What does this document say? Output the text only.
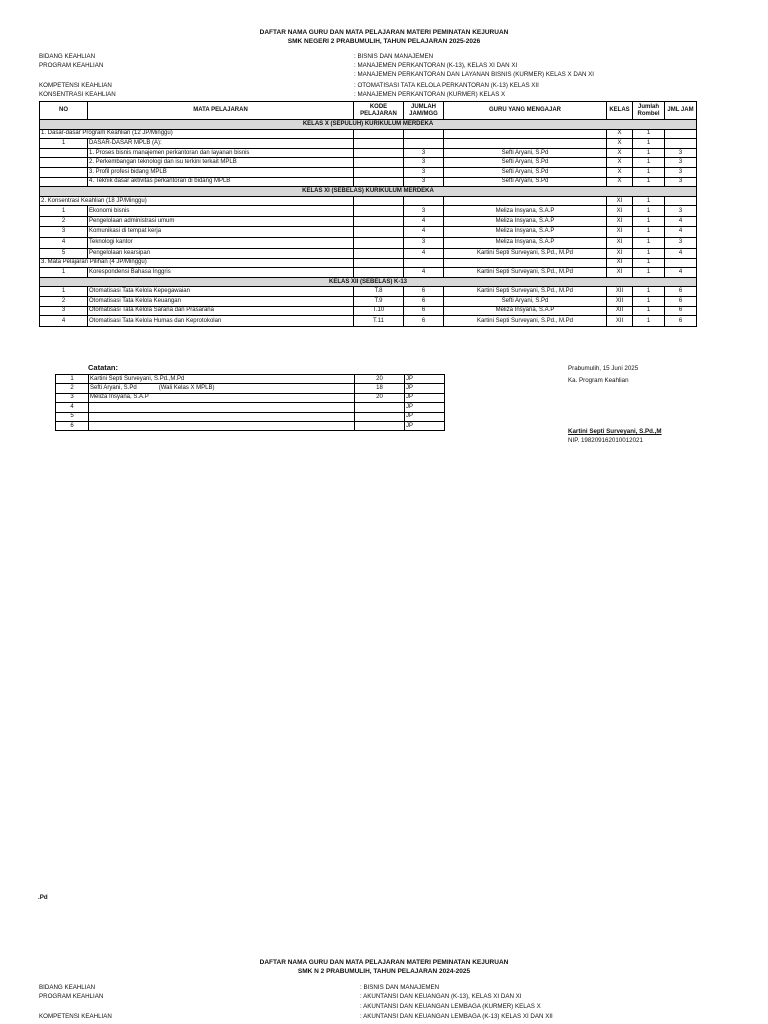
DAFTAR NAMA GURU DAN MATA PELAJARAN MATERI PEMINATAN KEJURUAN
SMK NEGERI 2 PRABUMULIH, TAHUN PELAJARAN 2025-2026
BIDANG KEAHLIAN	: BISNIS DAN MANAJEMEN
PROGRAM KEAHLIAN	: MANAJEMEN PERKANTORAN (K-13), KELAS XI DAN XI
: MANAJEMEN PERKANTORAN DAN LAYANAN BISNIS (KURMER) KELAS X DAN XI
KOMPETENSI KEAHLIAN	: OTOMATISASI TATA KELOLA PERKANTORAN (K-13) KELAS XII
KONSENTRASI KEAHLIAN	: MANAJEMEN PERKANTORAN (KURMER) KELAS X
NO	MATA PELAJARAN	KODE PELAJARAN	JUMLAH JAM/MGG	GURU YANG MENGAJAR	KELAS	Jumlah Rombel	JML JAM
KELAS X (SEPULUH) KURIKULUM MERDEKA							
1. Dasar-dasar Program Keahlian (12 JP/Minggu)					X	1	
1	DASAR-DASAR MPLB (A):				X	1	
	1. Proses bisnis manajemen perkantoran dan layanan bisnis		3	Sefti Aryani, S.Pd	X	1	3
	2. Perkembangan teknologi dan isu terkini terkait MPLB		3	Sefti Aryani, S.Pd	X	1	3
	3. Profil profesi bidang MPLB		3	Sefti Aryani, S.Pd	X	1	3
	4. Teknik dasar aktivitas perkantoran di bidang MPLB		3	Sefti Aryani, S.Pd	X	1	3
KELAS XI (SEBELAS) KURIKULUM MERDEKA							
2. Konsentrasi Keahlian (18 JP/Minggu)					XI	1	
1	Ekonomi bisnis		3	Meliza Insyana, S.A.P	XI	1	3
2	Pengelolaan administrasi umum		4	Meliza Insyana, S.A.P	XI	1	4
3	Komunikasi di tempat kerja		4	Meliza Insyana, S.A.P	XI	1	4
4	Teknologi kantor		3	Meliza Insyana, S.A.P	XI	1	3
5	Pengelolaan kearsipan		4	Kartini Septi Surveyani, S.Pd., M.Pd	XI	1	4
3. Mata Pelajaran Pilihan (4 JP/Minggu)					XI	1	
1	Korespondensi Bahasa Inggris		4	Kartini Septi Surveyani, S.Pd., M.Pd	XI	1	4
KELAS XII (SEBELAS) K-13							
1	Otomatisasi Tata Kelola Kepegawaian	T.8	6	Kartini Septi Surveyani, S.Pd., M.Pd	XII	1	6
2	Otomatisasi Tata Kelola Keuangan	T.9	6	Sefti Aryani, S.Pd	XII	1	6
3	Otomatisasi Tata Kelola Sarana dan Prasarana	T.10	6	Meliza Insyana, S.A.P	XII	1	6
4	Otomatisasi Tata Kelola Humas dan Keprotokolan	T.11	6	Kartini Septi Surveyani, S.Pd., M.Pd	XII	1	6
Catatan:
1	Kartini Septi Surveyani, S.Pd.,M.Pd	20	JP
2	Sefti Aryani, S.Pd (Wali Kelas X MPLB)	18	JP
3	Meliza Insyana, S.A.P	20	JP
4			JP
5			JP
6			JP
Prabumulih, 15 Juni 2025
Ka. Program Keahlian
Kartini Septi Surveyani, S.Pd.,M
NIP. 198209162010012021
.Pd
DAFTAR NAMA GURU DAN MATA PELAJARAN MATERI PEMINATAN KEJURUAN
SMK N 2 PRABUMULIH, TAHUN PELAJARAN 2024-2025
BIDANG KEAHLIAN	: BISNIS DAN MANAJEMEN
PROGRAM KEAHLIAN	: AKUNTANSI DAN KEUANGAN (K-13), KELAS XI DAN XI
: AKUNTANSI DAN KEUANGAN LEMBAGA (KURMER) KELAS X
KOMPETENSI KEAHLIAN	: AKUNTANSI DAN KEUANGAN LEMBAGA (K-13) KELAS XI DAN XII
